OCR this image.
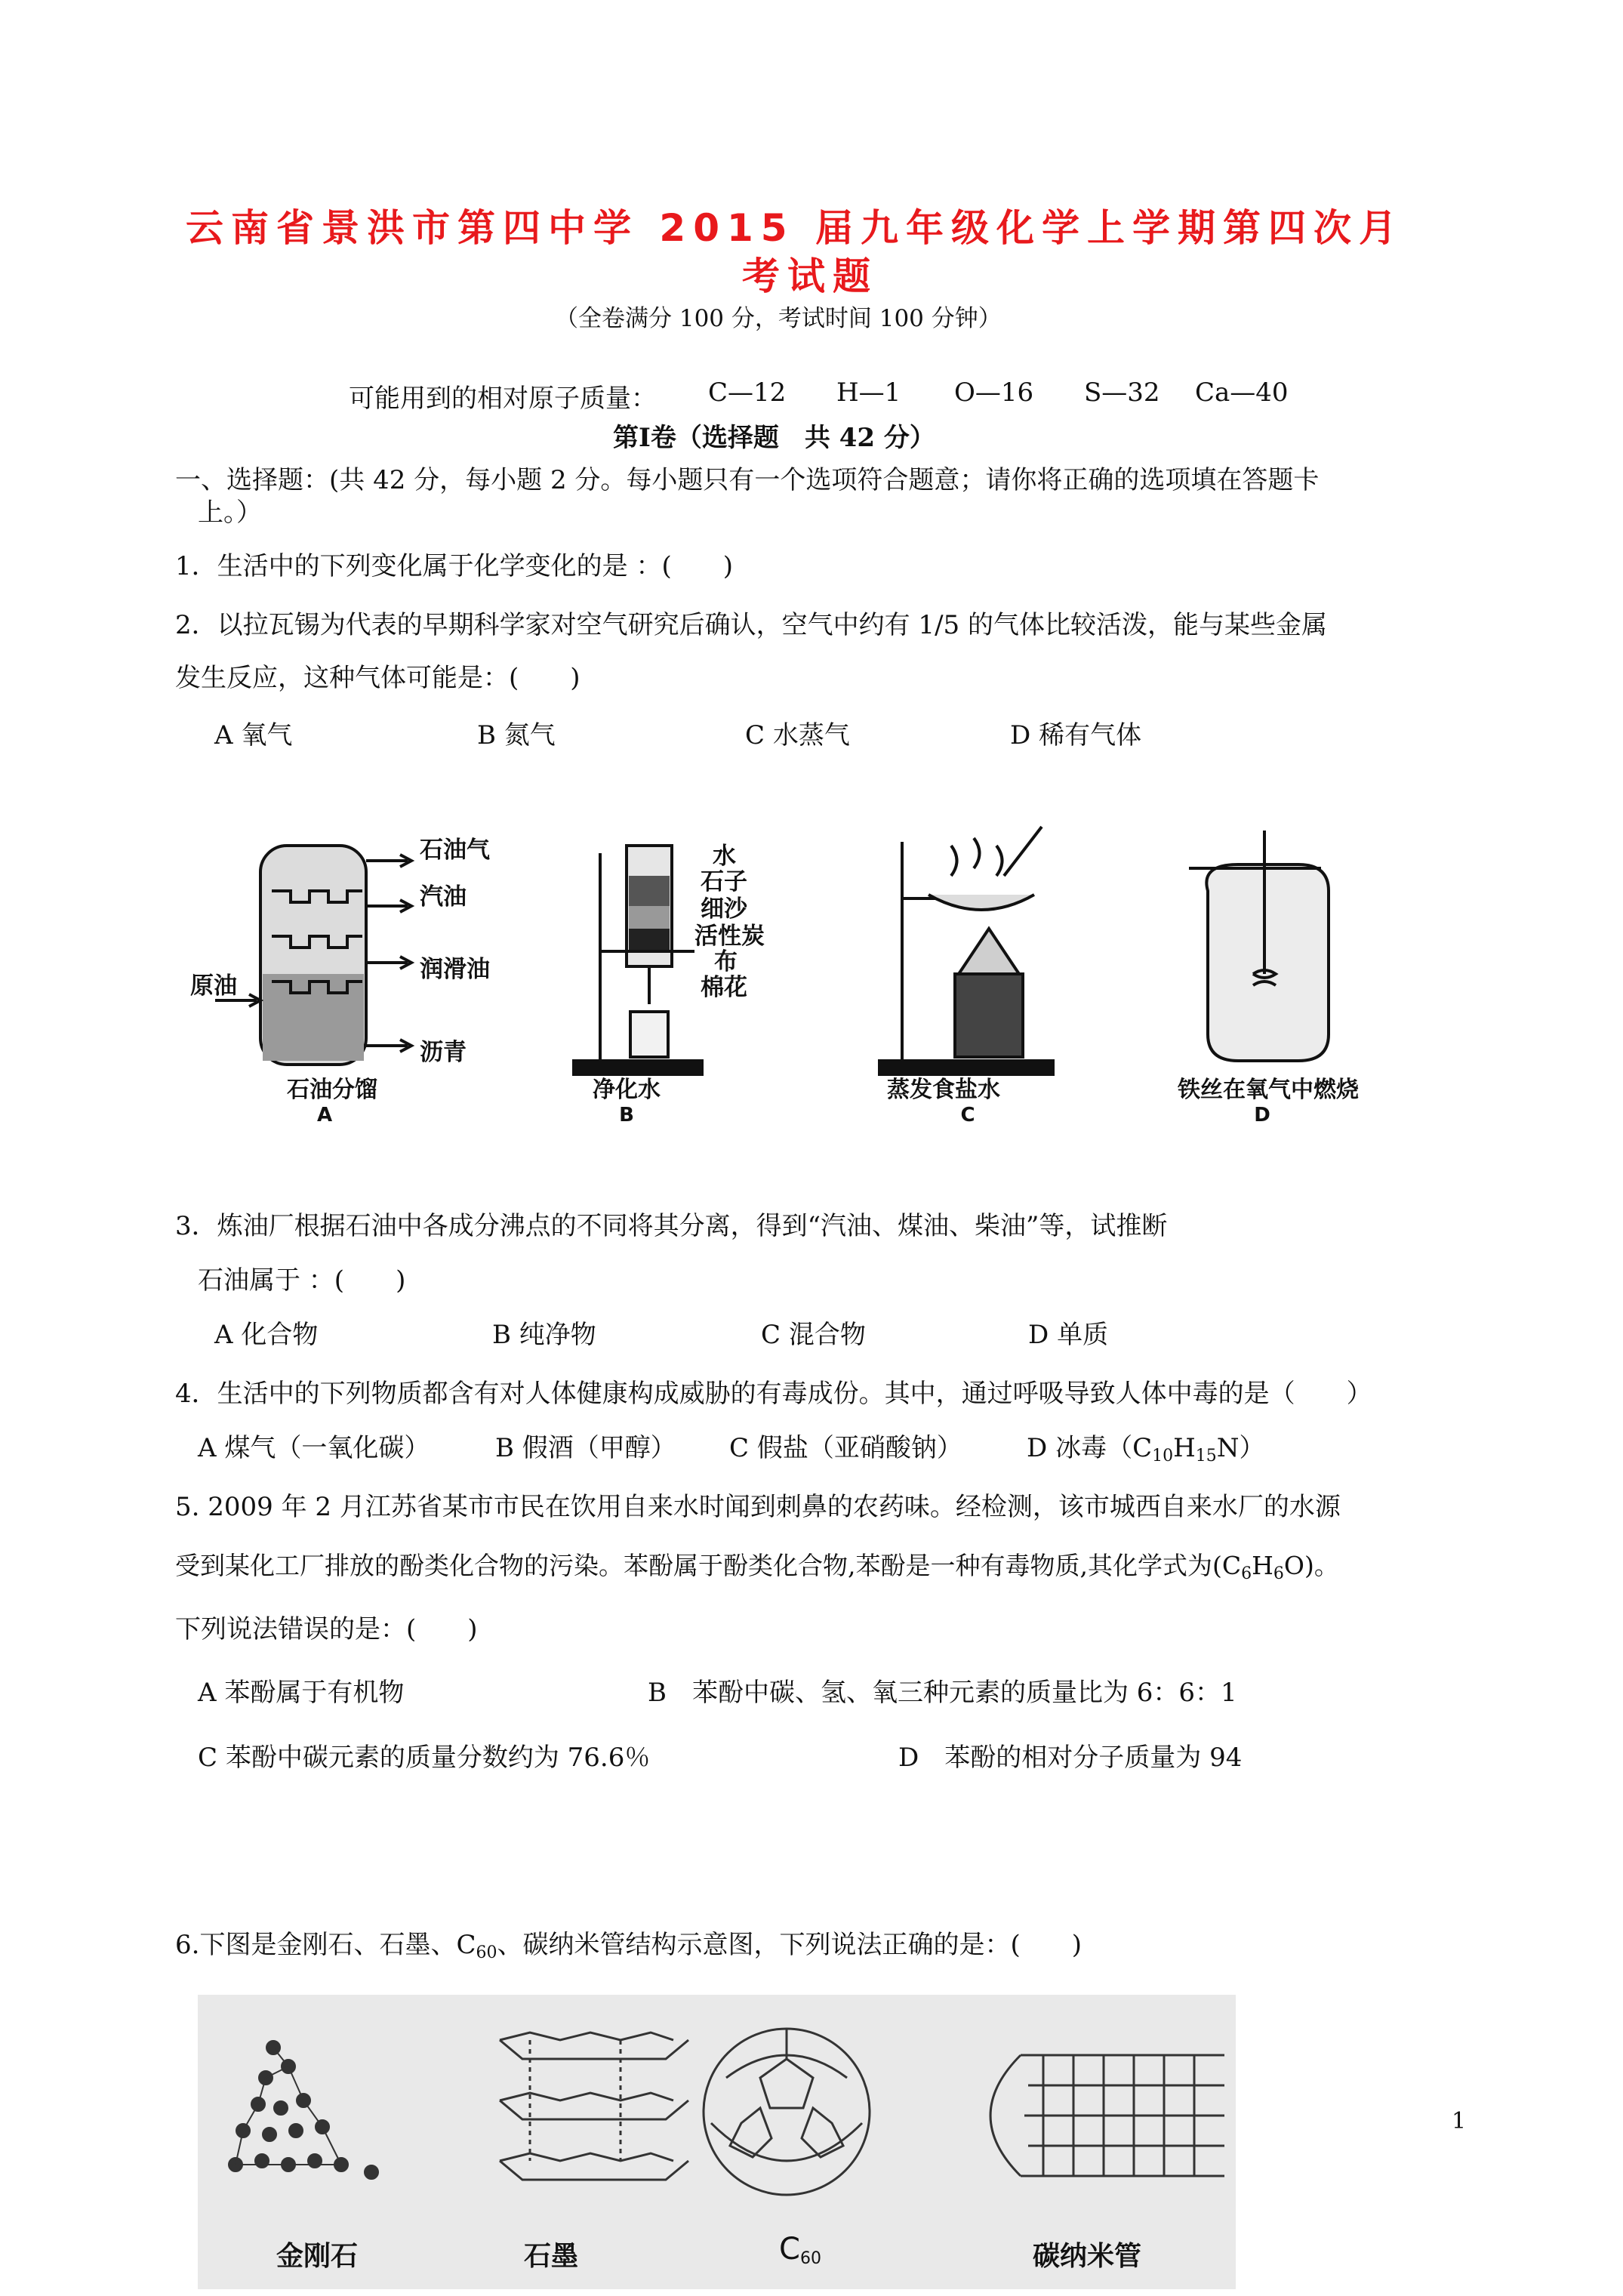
云南省景洪市第四中学 2015 届九年级化学上学期第四次月
考试题
（全卷满分 100 分，考试时间 100 分钟）
可能用到的相对原子质量： C—12 H—1 O—16 S—32 Ca—40
第Ⅰ卷（选择题　共 42 分）
一、选择题：(共 42 分，每小题 2 分。每小题只有一个选项符合题意；请你将正确的选项填在答题卡
上。）
1．生活中的下列变化属于化学变化的是 ：(　　)
2．以拉瓦锡为代表的早期科学家对空气研究后确认，空气中约有 1/5 的气体比较活泼，能与某些金属
发生反应，这种气体可能是：(　　)
A 氧气	B 氮气	C 水蒸气	D 稀有气体
石油气
汽油
润滑油
沥青
原油
水
石子
细沙
活性炭
布
棉花
石油分馏	净化水	蒸发食盐水	铁丝在氧气中燃烧
A	B	C	D
3．炼油厂根据石油中各成分沸点的不同将其分离，得到“汽油、煤油、柴油”等，试推断
石油属于 ：(　　)
A 化合物	B 纯净物	C 混合物	D 单质
4．生活中的下列物质都含有对人体健康构成威胁的有毒成份。其中，通过呼吸导致人体中毒的是（　　）
A 煤气（一氧化碳）	B 假酒（甲醇） C 假盐（亚硝酸钠）	D 冰毒$(C_{10}H_{15}N)$
5. 2009 年 2 月江苏省某市市民在饮用自来水时闻到刺鼻的农药味。经检测，该市城西自来水厂的水源
受到某化工厂排放的酚类化合物的污染。苯酚属于酚类化合物,苯酚是一种有毒物质,其化学式为$(C_6H_6O)$。
下列说法错误的是：(　　)
A 苯酚属于有机物	B　苯酚中碳、氢、氧三种元素的质量比为 6：6：1
C 苯酚中碳元素的质量分数约为 76.6％	D　苯酚的相对分子质量为 94
6.下图是金刚石、石墨、$C_{60}$、碳纳米管结构示意图，下列说法正确的是：(　　)
金刚石	石墨	$C_{60}$	碳纳米管
1
